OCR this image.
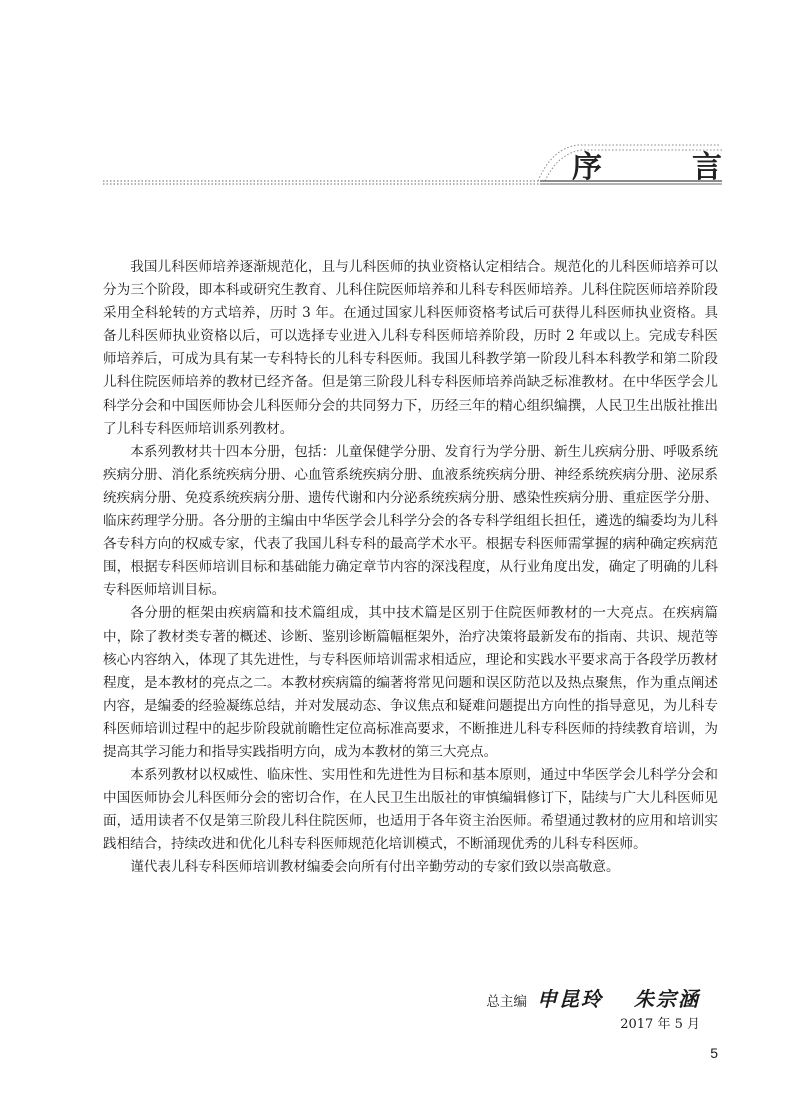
序	言

我国儿科医师培养逐渐规范化，且与儿科医师的执业资格认定相结合。规范化的儿科医师培养可以分为三个阶段，即本科或研究生教育、儿科住院医师培养和儿科专科医师培养。儿科住院医师培养阶段采用全科轮转的方式培养，历时 3 年。在通过国家儿科医师资格考试后可获得儿科医师执业资格。具备儿科医师执业资格以后，可以选择专业进入儿科专科医师培养阶段，历时 2 年或以上。完成专科医师培养后，可成为具有某一专科特长的儿科专科医师。我国儿科教学第一阶段儿科本科教学和第二阶段儿科住院医师培养的教材已经齐备。但是第三阶段儿科专科医师培养尚缺乏标准教材。在中华医学会儿科学分会和中国医师协会儿科医师分会的共同努力下，历经三年的精心组织编撰，人民卫生出版社推出了儿科专科医师培训系列教材。

本系列教材共十四本分册，包括：儿童保健学分册、发育行为学分册、新生儿疾病分册、呼吸系统疾病分册、消化系统疾病分册、心血管系统疾病分册、血液系统疾病分册、神经系统疾病分册、泌尿系统疾病分册、免疫系统疾病分册、遗传代谢和内分泌系统疾病分册、感染性疾病分册、重症医学分册、临床药理学分册。各分册的主编由中华医学会儿科学分会的各专科学组组长担任，遴选的编委均为儿科各专科方向的权威专家，代表了我国儿科专科的最高学术水平。根据专科医师需掌握的病种确定疾病范围，根据专科医师培训目标和基础能力确定章节内容的深浅程度，从行业角度出发，确定了明确的儿科专科医师培训目标。

各分册的框架由疾病篇和技术篇组成，其中技术篇是区别于住院医师教材的一大亮点。在疾病篇中，除了教材类专著的概述、诊断、鉴别诊断篇幅框架外，治疗决策将最新发布的指南、共识、规范等核心内容纳入，体现了其先进性，与专科医师培训需求相适应，理论和实践水平要求高于各段学历教材程度，是本教材的亮点之二。本教材疾病篇的编著将常见问题和误区防范以及热点聚焦，作为重点阐述内容，是编委的经验凝练总结，并对发展动态、争议焦点和疑难问题提出方向性的指导意见，为儿科专科医师培训过程中的起步阶段就前瞻性定位高标准高要求，不断推进儿科专科医师的持续教育培训，为提高其学习能力和指导实践指明方向，成为本教材的第三大亮点。

本系列教材以权威性、临床性、实用性和先进性为目标和基本原则，通过中华医学会儿科学分会和中国医师协会儿科医师分会的密切合作，在人民卫生出版社的审慎编辑修订下，陆续与广大儿科医师见面，适用读者不仅是第三阶段儿科住院医师，也适用于各年资主治医师。希望通过教材的应用和培训实践相结合，持续改进和优化儿科专科医师规范化培训模式，不断涌现优秀的儿科专科医师。

谨代表儿科专科医师培训教材编委会向所有付出辛勤劳动的专家们致以崇高敬意。

总主编 申昆玲 朱宗涵
2017 年 5 月
5
